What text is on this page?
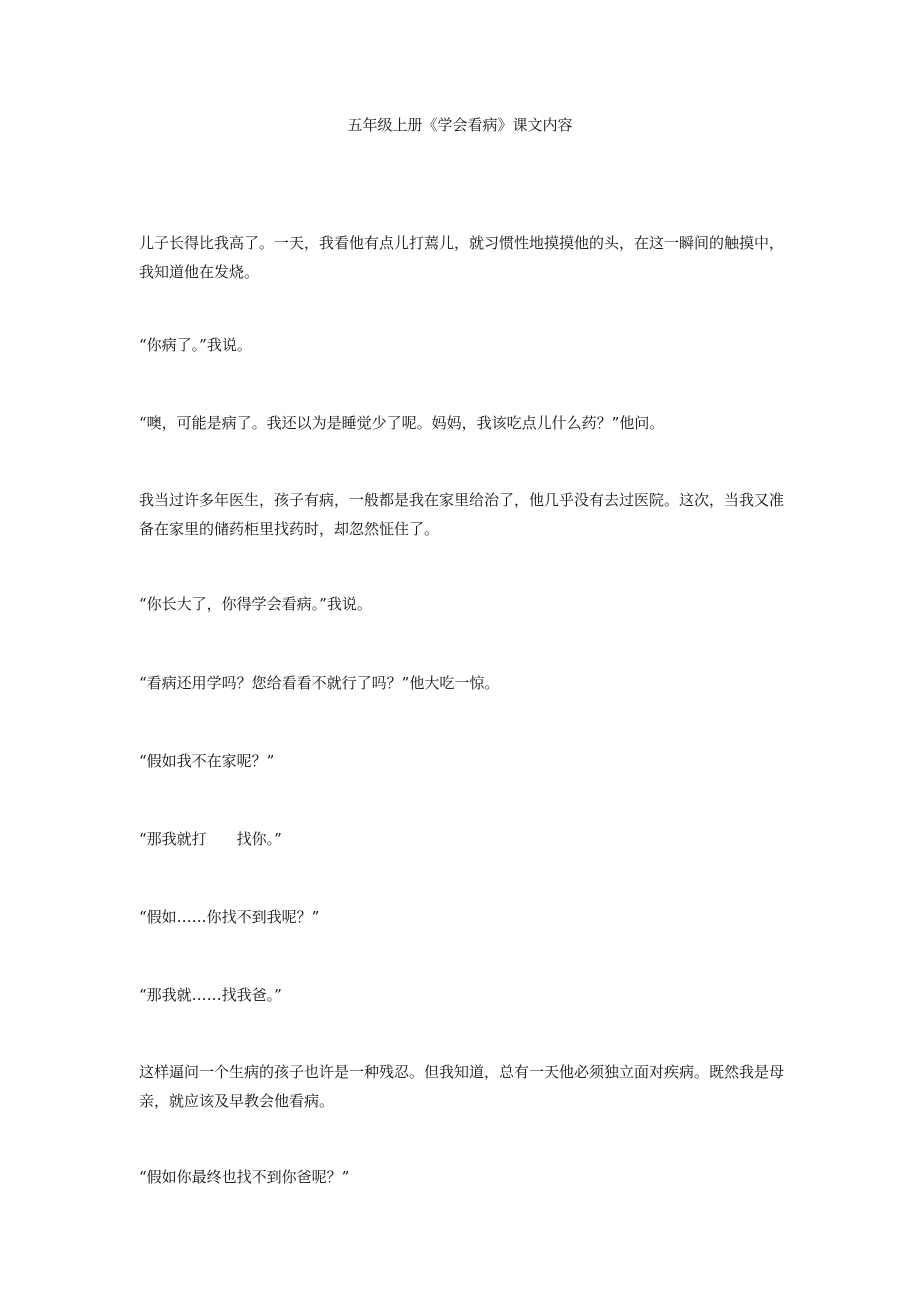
五年级上册《学会看病》课文内容

儿子长得比我高了。一天，我看他有点儿打蔫儿，就习惯性地摸摸他的头，在这一瞬间的触摸中，我知道他在发烧。

“你病了。”我说。

“噢，可能是病了。我还以为是睡觉少了呢。妈妈，我该吃点儿什么药？”他问。

我当过许多年医生，孩子有病，一般都是我在家里给治了，他几乎没有去过医院。这次，当我又准备在家里的储药柜里找药时，却忽然怔住了。

“你长大了，你得学会看病。”我说。

“看病还用学吗？您给看看不就行了吗？”他大吃一惊。

“假如我不在家呢？”

“那我就打　　找你。”

“假如……你找不到我呢？”

“那我就……找我爸。”

这样逼问一个生病的孩子也许是一种残忍。但我知道，总有一天他必须独立面对疾病。既然我是母亲，就应该及早教会他看病。

“假如你最终也找不到你爸呢？”
